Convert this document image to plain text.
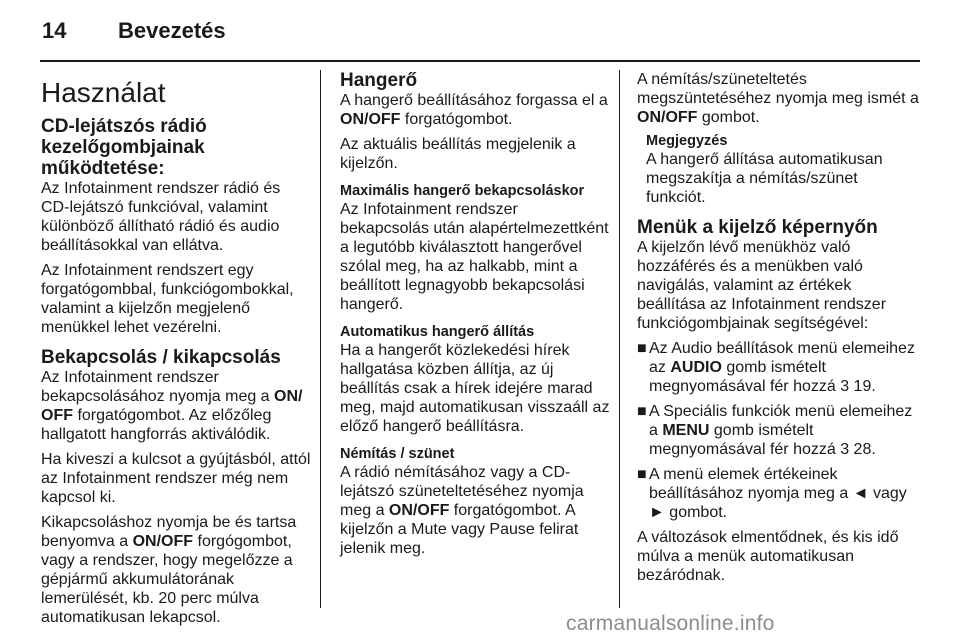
14 Bevezetés
Használat
CD-lejátszós rádió kezelőgombjainak működtetése:

Az Infotainment rendszer rádió és CD-lejátszó funkcióval, valamint különböző állítható rádió és audio beállításokkal van ellátva.

Az Infotainment rendszert egy forgatógombbal, funkciógombokkal, valamint a kijelzőn megjelenő menükkel lehet vezérelni.

Bekapcsolás / kikapcsolás

Az Infotainment rendszer bekapcsolásához nyomja meg a ON/ OFF forgatógombot. Az előzőleg hallgatott hangforrás aktiválódik.

Ha kiveszi a kulcsot a gyújtásból, attól az Infotainment rendszer még nem kapcsol ki.

Kikapcsoláshoz nyomja be és tartsa benyomva a ON/OFF forgógombot, vagy a rendszer, hogy megelőzze a gépjármű akkumulátorának lemerülését, kb. 20 perc múlva automatikusan lekapcsol.

Hangerő

A hangerő beállításához forgassa el a ON/OFF forgatógombot.

Az aktuális beállítás megjelenik a kijelzőn.

Maximális hangerő bekapcsoláskor

Az Infotainment rendszer bekapcsolás után alapértelmezettként a legutóbb kiválasztott hangerővel szólal meg, ha az halkabb, mint a beállított legnagyobb bekapcsolási hangerő.

Automatikus hangerő állítás

Ha a hangerőt közlekedési hírek hallgatása közben állítja, az új beállítás csak a hírek idejére marad meg, majd automatikusan visszaáll az előző hangerő beállításra.

Némítás / szünet

A rádió némításához vagy a CD-lejátszó szüneteltetéséhez nyomja meg a ON/OFF forgatógombot. A kijelzőn a Mute vagy Pause felirat jelenik meg.

A némítás/szüneteltetés megszüntetéséhez nyomja meg ismét a ON/OFF gombot.

Megjegyzés

A hangerő állítása automatikusan megszakítja a némítás/szünet funkciót.

Menük a kijelző képernyőn

A kijelzőn lévő menükhöz való hozzáférés és a menükben való navigálás, valamint az értékek beállítása az Infotainment rendszer funkciógombjainak segítségével:

■ Az Audio beállítások menü elemeihez az AUDIO gomb ismételt megnyomásával fér hozzá 3 19.
■ A Speciális funkciók menü elemeihez a MENU gomb ismételt megnyomásával fér hozzá 3 28.
■ A menü elemek értékeinek beállításához nyomja meg a ◄ vagy ► gombot.

A változások elmentődnek, és kis idő múlva a menük automatikusan bezáródnak.

carmanualsonline.info
